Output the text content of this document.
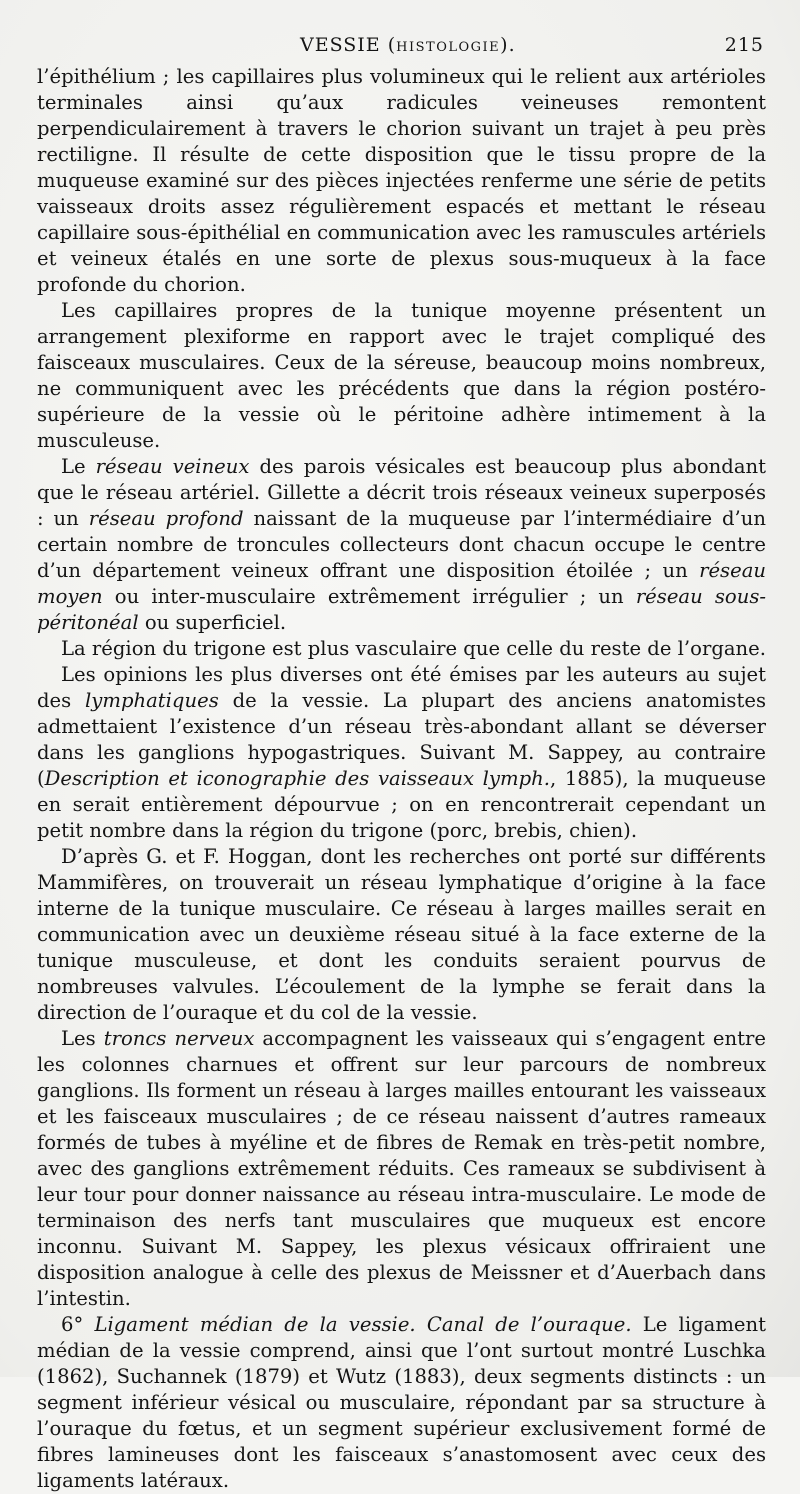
VESSIE (HISTOLOGIE).	215

l’épithélium ; les capillaires plus volumineux qui le relient aux artérioles terminales ainsi qu’aux radicules veineuses remontent perpendiculairement à travers le chorion suivant un trajet à peu près rectiligne. Il résulte de cette disposition que le tissu propre de la muqueuse examiné sur des pièces injectées renferme une série de petits vaisseaux droits assez régulièrement espacés et mettant le réseau capillaire sous-épithélial en communication avec les ramuscules artériels et veineux étalés en une sorte de plexus sous-muqueux à la face profonde du chorion.

Les capillaires propres de la tunique moyenne présentent un arrangement plexiforme en rapport avec le trajet compliqué des faisceaux musculaires. Ceux de la séreuse, beaucoup moins nombreux, ne communiquent avec les précédents que dans la région postéro-supérieure de la vessie où le péritoine adhère intimement à la musculeuse.

Le réseau veineux des parois vésicales est beaucoup plus abondant que le réseau artériel. Gillette a décrit trois réseaux veineux superposés : un réseau profond naissant de la muqueuse par l’intermédiaire d’un certain nombre de troncules collecteurs dont chacun occupe le centre d’un département veineux offrant une disposition étoilée ; un réseau moyen ou inter-musculaire extrêmement irrégulier ; un réseau sous-péritonéal ou superficiel.

La région du trigone est plus vasculaire que celle du reste de l’organe.

Les opinions les plus diverses ont été émises par les auteurs au sujet des lymphatiques de la vessie. La plupart des anciens anatomistes admettaient l’existence d’un réseau très-abondant allant se déverser dans les ganglions hypogastriques. Suivant M. Sappey, au contraire (Description et iconographie des vaisseaux lymph., 1885), la muqueuse en serait entièrement dépourvue ; on en rencontrerait cependant un petit nombre dans la région du trigone (porc, brebis, chien).

D’après G. et F. Hoggan, dont les recherches ont porté sur différents Mammifères, on trouverait un réseau lymphatique d’origine à la face interne de la tunique musculaire. Ce réseau à larges mailles serait en communication avec un deuxième réseau situé à la face externe de la tunique musculeuse, et dont les conduits seraient pourvus de nombreuses valvules. L’écoulement de la lymphe se ferait dans la direction de l’ouraque et du col de la vessie.

Les troncs nerveux accompagnent les vaisseaux qui s’engagent entre les colonnes charnues et offrent sur leur parcours de nombreux ganglions. Ils forment un réseau à larges mailles entourant les vaisseaux et les faisceaux musculaires ; de ce réseau naissent d’autres rameaux formés de tubes à myéline et de fibres de Remak en très-petit nombre, avec des ganglions extrêmement réduits. Ces rameaux se subdivisent à leur tour pour donner naissance au réseau intra-musculaire. Le mode de terminaison des nerfs tant musculaires que muqueux est encore inconnu. Suivant M. Sappey, les plexus vésicaux offriraient une disposition analogue à celle des plexus de Meissner et d’Auerbach dans l’intestin.

6° Ligament médian de la vessie. Canal de l’ouraque. Le ligament médian de la vessie comprend, ainsi que l’ont surtout montré Luschka (1862), Suchannek (1879) et Wutz (1883), deux segments distincts : un segment inférieur vésical ou musculaire, répondant par sa structure à l’ouraque du fœtus, et un segment supérieur exclusivement formé de fibres lamineuses dont les faisceaux s’anastomosent avec ceux des ligaments latéraux.
